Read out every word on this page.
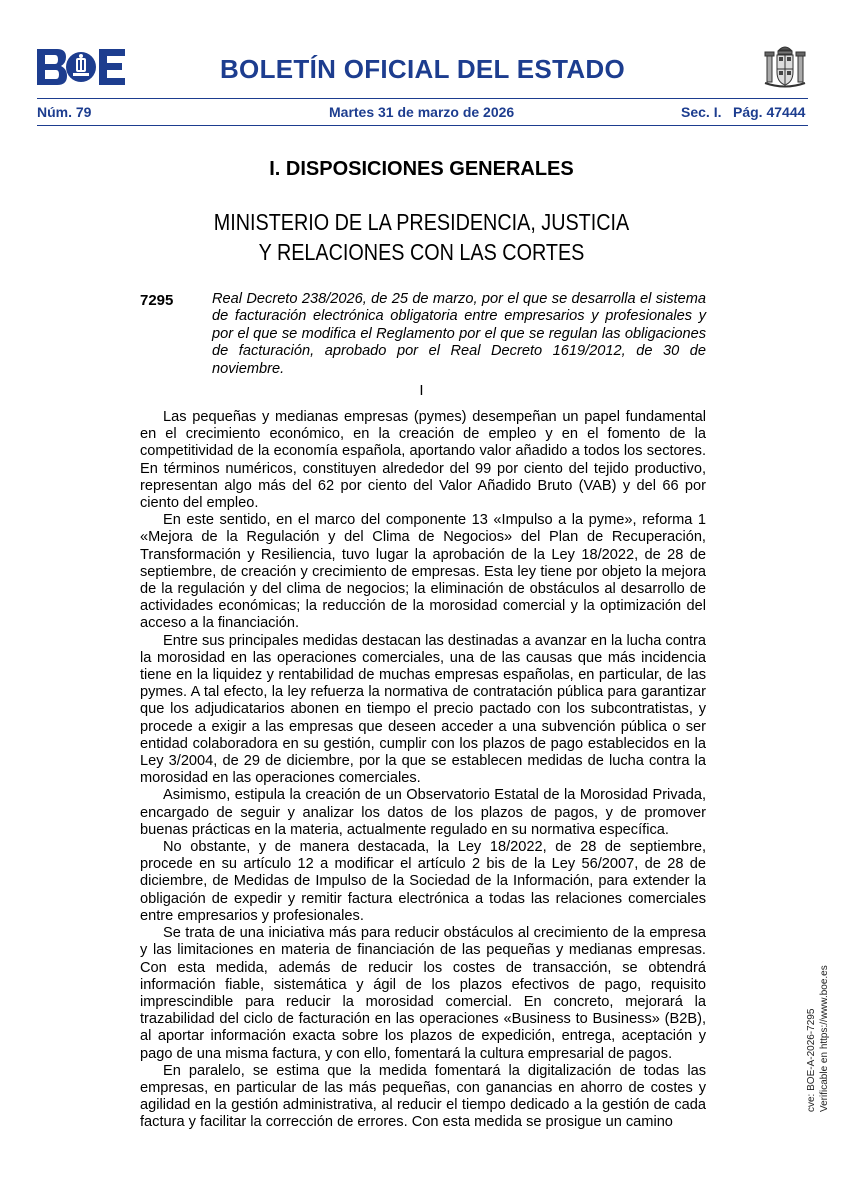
BOLETÍN OFICIAL DEL ESTADO
Núm. 79	Martes 31 de marzo de 2026	Sec. I. Pág. 47444
I. DISPOSICIONES GENERALES
MINISTERIO DE LA PRESIDENCIA, JUSTICIA
Y RELACIONES CON LAS CORTES
7295	Real Decreto 238/2026, de 25 de marzo, por el que se desarrolla el sistema de facturación electrónica obligatoria entre empresarios y profesionales y por el que se modifica el Reglamento por el que se regulan las obligaciones de facturación, aprobado por el Real Decreto 1619/2012, de 30 de noviembre.
I

Las pequeñas y medianas empresas (pymes) desempeñan un papel fundamental en el crecimiento económico, en la creación de empleo y en el fomento de la competitividad de la economía española, aportando valor añadido a todos los sectores. En términos numéricos, constituyen alrededor del 99 por ciento del tejido productivo, representan algo más del 62 por ciento del Valor Añadido Bruto (VAB) y del 66 por ciento del empleo.

En este sentido, en el marco del componente 13 «Impulso a la pyme», reforma 1 «Mejora de la Regulación y del Clima de Negocios» del Plan de Recuperación, Transformación y Resiliencia, tuvo lugar la aprobación de la Ley 18/2022, de 28 de septiembre, de creación y crecimiento de empresas. Esta ley tiene por objeto la mejora de la regulación y del clima de negocios; la eliminación de obstáculos al desarrollo de actividades económicas; la reducción de la morosidad comercial y la optimización del acceso a la financiación.

Entre sus principales medidas destacan las destinadas a avanzar en la lucha contra la morosidad en las operaciones comerciales, una de las causas que más incidencia tiene en la liquidez y rentabilidad de muchas empresas españolas, en particular, de las pymes. A tal efecto, la ley refuerza la normativa de contratación pública para garantizar que los adjudicatarios abonen en tiempo el precio pactado con los subcontratistas, y procede a exigir a las empresas que deseen acceder a una subvención pública o ser entidad colaboradora en su gestión, cumplir con los plazos de pago establecidos en la Ley 3/2004, de 29 de diciembre, por la que se establecen medidas de lucha contra la morosidad en las operaciones comerciales.

Asimismo, estipula la creación de un Observatorio Estatal de la Morosidad Privada, encargado de seguir y analizar los datos de los plazos de pagos, y de promover buenas prácticas en la materia, actualmente regulado en su normativa específica.

No obstante, y de manera destacada, la Ley 18/2022, de 28 de septiembre, procede en su artículo 12 a modificar el artículo 2 bis de la Ley 56/2007, de 28 de diciembre, de Medidas de Impulso de la Sociedad de la Información, para extender la obligación de expedir y remitir factura electrónica a todas las relaciones comerciales entre empresarios y profesionales.

Se trata de una iniciativa más para reducir obstáculos al crecimiento de la empresa y las limitaciones en materia de financiación de las pequeñas y medianas empresas. Con esta medida, además de reducir los costes de transacción, se obtendrá información fiable, sistemática y ágil de los plazos efectivos de pago, requisito imprescindible para reducir la morosidad comercial. En concreto, mejorará la trazabilidad del ciclo de facturación en las operaciones «Business to Business» (B2B), al aportar información exacta sobre los plazos de expedición, entrega, aceptación y pago de una misma factura, y con ello, fomentará la cultura empresarial de pagos.

En paralelo, se estima que la medida fomentará la digitalización de todas las empresas, en particular de las más pequeñas, con ganancias en ahorro de costes y agilidad en la gestión administrativa, al reducir el tiempo dedicado a la gestión de cada factura y facilitar la corrección de errores. Con esta medida se prosigue un camino

cve: BOE-A-2026-7295 Verificable en https://www.boe.es
